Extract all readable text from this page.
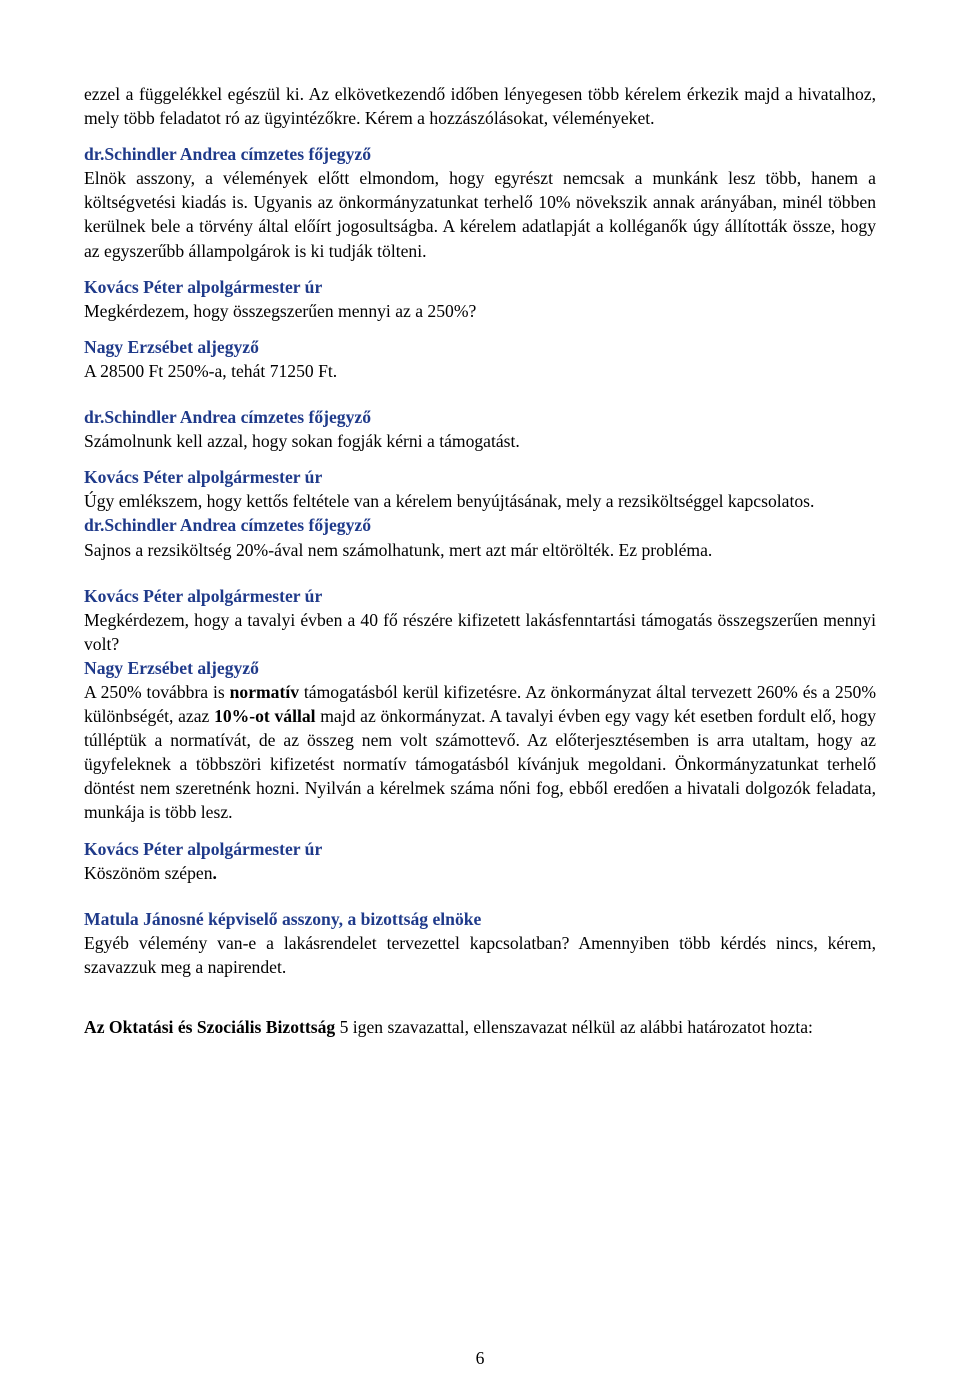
ezzel a függelékkel egészül ki. Az elkövetkezendő időben lényegesen több kérelem érkezik majd a hivatalhoz, mely több feladatot ró az ügyintézőkre. Kérem a hozzászólásokat, véleményeket.

dr.Schindler Andrea címzetes főjegyző

Elnök asszony, a vélemények előtt elmondom, hogy egyrészt nemcsak a munkánk lesz több, hanem a költségvetési kiadás is. Ugyanis az önkormányzatunkat terhelő 10% növekszik annak arányában, minél többen kerülnek bele a törvény által előírt jogosultságba. A kérelem adatlapját a kolléganők úgy állították össze, hogy az egyszerűbb állampolgárok is ki tudják tölteni.

Kovács Péter alpolgármester úr

Megkérdezem, hogy összegszerűen mennyi az a 250%?

Nagy Erzsébet aljegyző

A 28500 Ft 250%-a, tehát 71250 Ft.

dr.Schindler Andrea címzetes főjegyző

Számolnunk kell azzal, hogy sokan fogják kérni a támogatást.

Kovács Péter alpolgármester úr

Úgy emlékszem, hogy kettős feltétele van a kérelem benyújtásának, mely a rezsiköltséggel kapcsolatos.

dr.Schindler Andrea címzetes főjegyző

Sajnos a rezsiköltség 20%-ával nem számolhatunk, mert azt már eltörölték. Ez probléma.

Kovács Péter alpolgármester úr

Megkérdezem, hogy a tavalyi évben a 40 fő részére kifizetett lakásfenntartási támogatás összegszerűen mennyi volt?

Nagy Erzsébet aljegyző

A 250% továbbra is normatív támogatásból kerül kifizetésre. Az önkormányzat által tervezett 260% és a 250% különbségét, azaz 10%-ot vállal majd az önkormányzat. A tavalyi évben egy vagy két esetben fordult elő, hogy túlléptük a normatívát, de az összeg nem volt számottevő. Az előterjesztésemben is arra utaltam, hogy az ügyfeleknek a többszöri kifizetést normatív támogatásból kívánjuk megoldani. Önkormányzatunkat terhelő döntést nem szeretnénk hozni. Nyilván a kérelmek száma nőni fog, ebből eredően a hivatali dolgozók feladata, munkája is több lesz.

Kovács Péter alpolgármester úr

Köszönöm szépen.

Matula Jánosné képviselő asszony, a bizottság elnöke

Egyéb vélemény van-e a lakásrendelet tervezettel kapcsolatban? Amennyiben több kérdés nincs, kérem, szavazzuk meg a napirendet.

Az Oktatási és Szociális Bizottság 5 igen szavazattal, ellenszavazat nélkül az alábbi határozatot hozta:

6
